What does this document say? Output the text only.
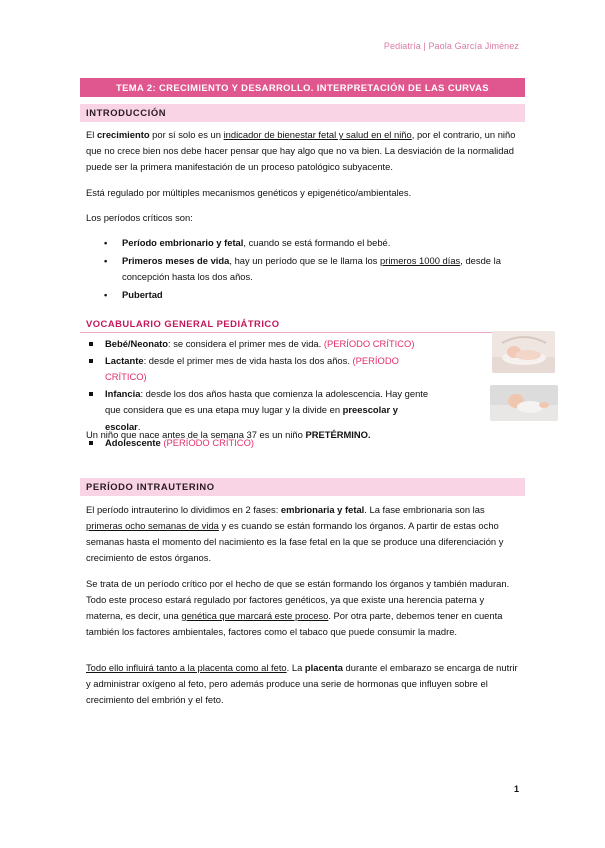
Pediatría | Paola García Jiménez
TEMA 2: CRECIMIENTO Y DESARROLLO. INTERPRETACIÓN DE LAS CURVAS
INTRODUCCIÓN
El crecimiento por sí solo es un indicador de bienestar fetal y salud en el niño, por el contrario, un niño que no crece bien nos debe hacer pensar que hay algo que no va bien. La desviación de la normalidad puede ser la primera manifestación de un proceso patológico subyacente.
Está regulado por múltiples mecanismos genéticos y epigenético/ambientales.
Los períodos críticos son:
• Período embrionario y fetal, cuando se está formando el bebé.
• Primeros meses de vida, hay un período que se le llama los primeros 1000 días, desde la concepción hasta los dos años.
• Pubertad
VOCABULARIO GENERAL PEDIÁTRICO
Bebé/Neonato: se considera el primer mes de vida. (PERÍODO CRÍTICO)
Lactante: desde el primer mes de vida hasta los dos años. (PERÍODO CRÍTICO)
Infancia: desde los dos años hasta que comienza la adolescencia. Hay gente que considera que es una etapa muy lugar y la divide en preescolar y escolar.
Adolescente (PERÍODO CRÍTICO)
Un niño que nace antes de la semana 37 es un niño PRETÉRMINO.
PERÍODO INTRAUTERINO
El período intrauterino lo dividimos en 2 fases: embrionaria y fetal. La fase embrionaria son las primeras ocho semanas de vida y es cuando se están formando los órganos. A partir de estas ocho semanas hasta el momento del nacimiento es la fase fetal en la que se produce una diferenciación y crecimiento de estos órganos.
Se trata de un período crítico por el hecho de que se están formando los órganos y también maduran. Todo este proceso estará regulado por factores genéticos, ya que existe una herencia paterna y materna, es decir, una genética que marcará este proceso. Por otra parte, debemos tener en cuenta también los factores ambientales, factores como el tabaco que puede consumir la madre.
Todo ello influirá tanto a la placenta como al feto. La placenta durante el embarazo se encarga de nutrir y administrar oxígeno al feto, pero además produce una serie de hormonas que influyen sobre el crecimiento del embrión y el feto.
1
